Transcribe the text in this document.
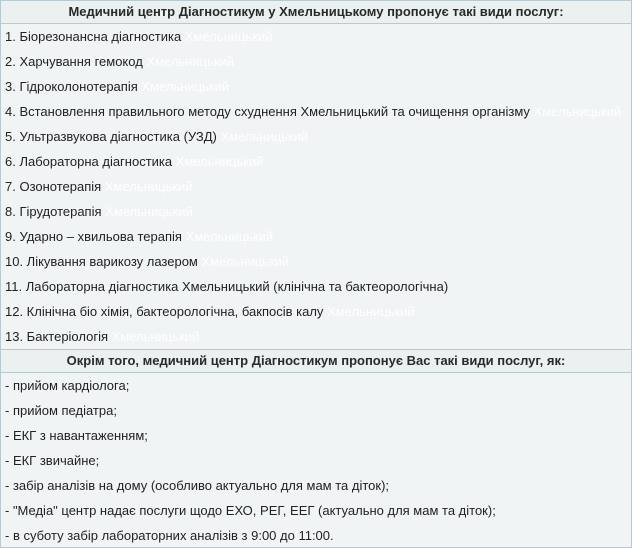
Медичний центр Діагностикум у Хмельницькому пропонує такі види послуг:
1. Біорезонансна діагностика Хмельницький
2. Харчування гемокод Хмельницький
3. Гідроколонотерапія Хмельницький
4. Встановлення правильного методу схуднення Хмельницький та очищення організму Хмельницький
5. Ультразвукова діагностика (УЗД) Хмельницький
6. Лабораторна діагностика Хмельницький
7. Озонотерапія Хмельницький
8. Гірудотерапія Хмельницький
9. Ударно – хвильова терапія Хмельницький
10. Лікування варикозу лазером Хмельницький
11. Лабораторна діагностика Хмельницький (клінічна та бактеорологічна)
12. Клінічна біо хімія, бактеорологічна, бакпосів калу Хмельницький
13. Бактеріологія Хмельницький
Окрім того, медичний центр Діагностикум пропонує Вас такі види послуг, як:
- прийом кардіолога;
- прийом педіатра;
- ЕКГ з навантаженням;
- ЕКГ звичайне;
- забір аналізів на дому (особливо актуально для мам та діток);
- "Медіа" центр надає послуги щодо ЕХО, РЕГ, ЕЕГ (актуально для мам та діток);
- в суботу забір лабораторних аналізів з 9:00 до 11:00.
